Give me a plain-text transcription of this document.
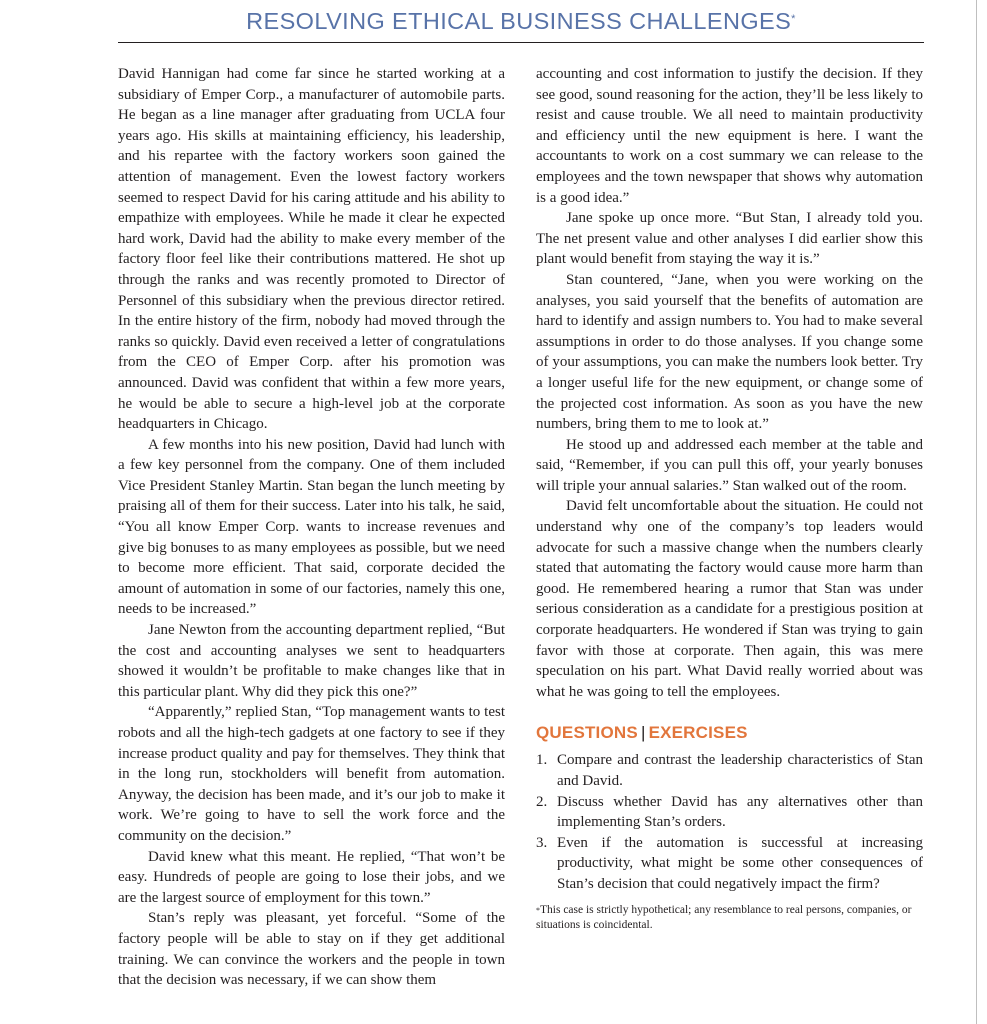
RESOLVING ETHICAL BUSINESS CHALLENGES*

David Hannigan had come far since he started working at a subsidiary of Emper Corp., a manufacturer of automobile parts. He began as a line manager after graduating from UCLA four years ago. His skills at maintaining efficiency, his leadership, and his repartee with the factory workers soon gained the attention of management. Even the lowest factory workers seemed to respect David for his caring attitude and his ability to empathize with employees. While he made it clear he expected hard work, David had the ability to make every member of the factory floor feel like their contributions mattered. He shot up through the ranks and was recently promoted to Director of Personnel of this subsidiary when the previous director retired. In the entire history of the firm, nobody had moved through the ranks so quickly. David even received a letter of congratulations from the CEO of Emper Corp. after his promotion was announced. David was confident that within a few more years, he would be able to secure a high-level job at the corporate headquarters in Chicago.

A few months into his new position, David had lunch with a few key personnel from the company. One of them included Vice President Stanley Martin. Stan began the lunch meeting by praising all of them for their success. Later into his talk, he said, “You all know Emper Corp. wants to increase revenues and give big bonuses to as many employees as possible, but we need to become more efficient. That said, corporate decided the amount of automation in some of our factories, namely this one, needs to be increased.”

Jane Newton from the accounting department replied, “But the cost and accounting analyses we sent to headquarters showed it wouldn’t be profitable to make changes like that in this particular plant. Why did they pick this one?”

“Apparently,” replied Stan, “Top management wants to test robots and all the high-tech gadgets at one factory to see if they increase product quality and pay for themselves. They think that in the long run, stockholders will benefit from automation. Anyway, the decision has been made, and it’s our job to make it work. We’re going to have to sell the work force and the community on the decision.”

David knew what this meant. He replied, “That won’t be easy. Hundreds of people are going to lose their jobs, and we are the largest source of employment for this town.”

Stan’s reply was pleasant, yet forceful. “Some of the factory people will be able to stay on if they get additional training. We can convince the workers and the people in town that the decision was necessary, if we can show them

accounting and cost information to justify the decision. If they see good, sound reasoning for the action, they’ll be less likely to resist and cause trouble. We all need to maintain productivity and efficiency until the new equipment is here. I want the accountants to work on a cost summary we can release to the employees and the town newspaper that shows why automation is a good idea.”

Jane spoke up once more. “But Stan, I already told you. The net present value and other analyses I did earlier show this plant would benefit from staying the way it is.”

Stan countered, “Jane, when you were working on the analyses, you said yourself that the benefits of automation are hard to identify and assign numbers to. You had to make several assumptions in order to do those analyses. If you change some of your assumptions, you can make the numbers look better. Try a longer useful life for the new equipment, or change some of the projected cost information. As soon as you have the new numbers, bring them to me to look at.”

He stood up and addressed each member at the table and said, “Remember, if you can pull this off, your yearly bonuses will triple your annual salaries.” Stan walked out of the room.

David felt uncomfortable about the situation. He could not understand why one of the company’s top leaders would advocate for such a massive change when the numbers clearly stated that automating the factory would cause more harm than good. He remembered hearing a rumor that Stan was under serious consideration as a candidate for a prestigious position at corporate headquarters. He wondered if Stan was trying to gain favor with those at corporate. Then again, this was mere speculation on his part. What David really worried about was what he was going to tell the employees.

QUESTIONS | EXERCISES
1. Compare and contrast the leadership characteristics of Stan and David.
2. Discuss whether David has any alternatives other than implementing Stan’s orders.
3. Even if the automation is successful at increasing productivity, what might be some other consequences of Stan’s decision that could negatively impact the firm?
*This case is strictly hypothetical; any resemblance to real persons, companies, or situations is coincidental.
